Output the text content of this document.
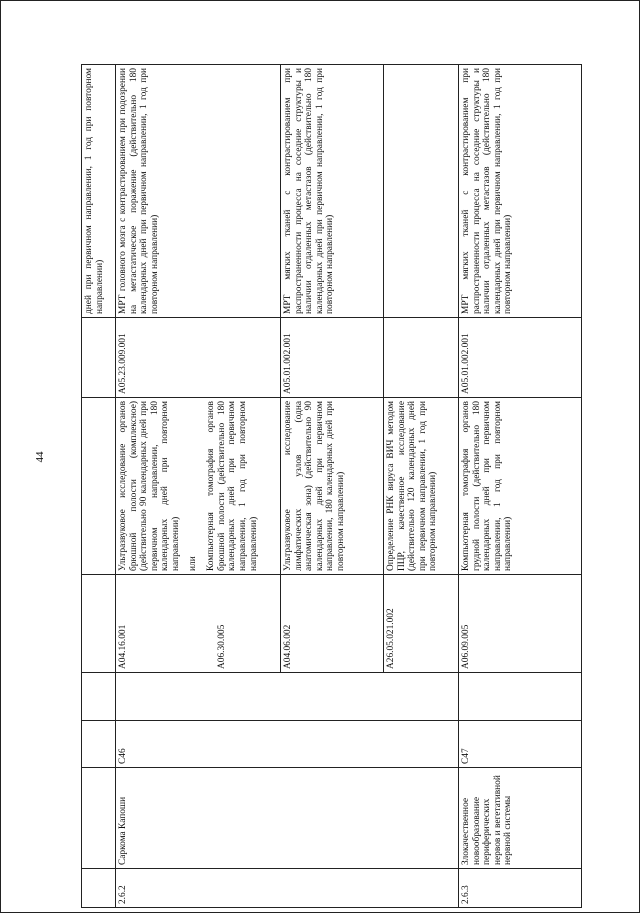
44
							дней при первичном направлении, 1 год при повторном направлении)
2.6.2	Саркома Капоши	С46		A04.16.001 A06.30.005	Ультразвуковое исследование органов брюшной полости (комплексное) (действительно 90 календарных дней при первичном направлении, 180 календарных дней при повторном направлении) или Компьютерная томография органов брюшной полости (действительно 180 календарных дней при первичном направлении, 1 год при повторном направлении)	A05.23.009.001	МРТ головного мозга с контрастированием при подозрении на метастатическое поражение (действительно 180 календарных дней при первичном направлении, 1 год при повторном направлении)
				A04.06.002	Ультразвуковое исследование лимфатических узлов (одна анатомическая зона) (действительно 90 календарных дней при первичном направлении, 180 календарных дней при повторном направлении)	A05.01.002.001	МРТ мягких тканей с контрастированием при распространенности процесса на соседние структуры и наличии отдаленных метастазов (действительно 180 календарных дней при первичном направлении, 1 год при повторном направлении)
				A26.05.021.002	Определение РНК вируса ВИЧ методом ПЦР, качественное исследование (действительно 120 календарных дней при первичном направлении, 1 год при повторном направлении)		
2.6.3	Злокачественное новообразование периферических нервов и вегетативной нервной системы	С47		A06.09.005	Компьютерная томография органов грудной полости (действительно 180 календарных дней при первичном направлении, 1 год при повторном направлении)	A05.01.002.001	МРТ мягких тканей с контрастированием при распространенности процесса на соседние структуры и наличии отдаленных метастазов (действительно 180 календарных дней при первичном направлении, 1 год при повторном направлении)
